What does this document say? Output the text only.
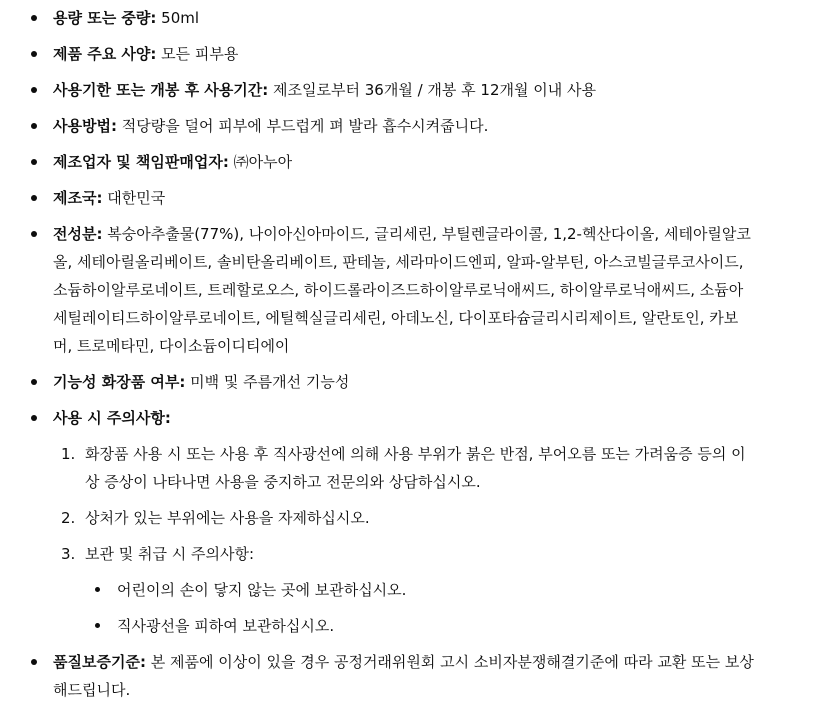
용량 또는 중량: 50ml
제품 주요 사양: 모든 피부용
사용기한 또는 개봉 후 사용기간: 제조일로부터 36개월 / 개봉 후 12개월 이내 사용
사용방법: 적당량을 덜어 피부에 부드럽게 펴 발라 흡수시켜줍니다.
제조업자 및 책임판매업자: ㈜아누아
제조국: 대한민국
전성분: 복숭아추출물(77%), 나이아신아마이드, 글리세린, 부틸렌글라이콜, 1,2-헥산다이올, 세테아릴알코올, 세테아릴올리베이트, 솔비탄올리베이트, 판테놀, 세라마이드엔피, 알파-알부틴, 아스코빌글루코사이드, 소듐하이알루로네이트, 트레할로오스, 하이드롤라이즈드하이알루로닉애씨드, 하이알루로닉애씨드, 소듐아세틸레이티드하이알루로네이트, 에틸헥실글리세린, 아데노신, 다이포타슘글리시리제이트, 알란토인, 카보머, 트로메타민, 다이소듐이디티에이
기능성 화장품 여부: 미백 및 주름개선 기능성
사용 시 주의사항:
1. 화장품 사용 시 또는 사용 후 직사광선에 의해 사용 부위가 붉은 반점, 부어오름 또는 가려움증 등의 이상 증상이 나타나면 사용을 중지하고 전문의와 상담하십시오.
2. 상처가 있는 부위에는 사용을 자제하십시오.
3. 보관 및 취급 시 주의사항:
어린이의 손이 닿지 않는 곳에 보관하십시오.
직사광선을 피하여 보관하십시오.
품질보증기준: 본 제품에 이상이 있을 경우 공정거래위원회 고시 소비자분쟁해결기준에 따라 교환 또는 보상해드립니다.
